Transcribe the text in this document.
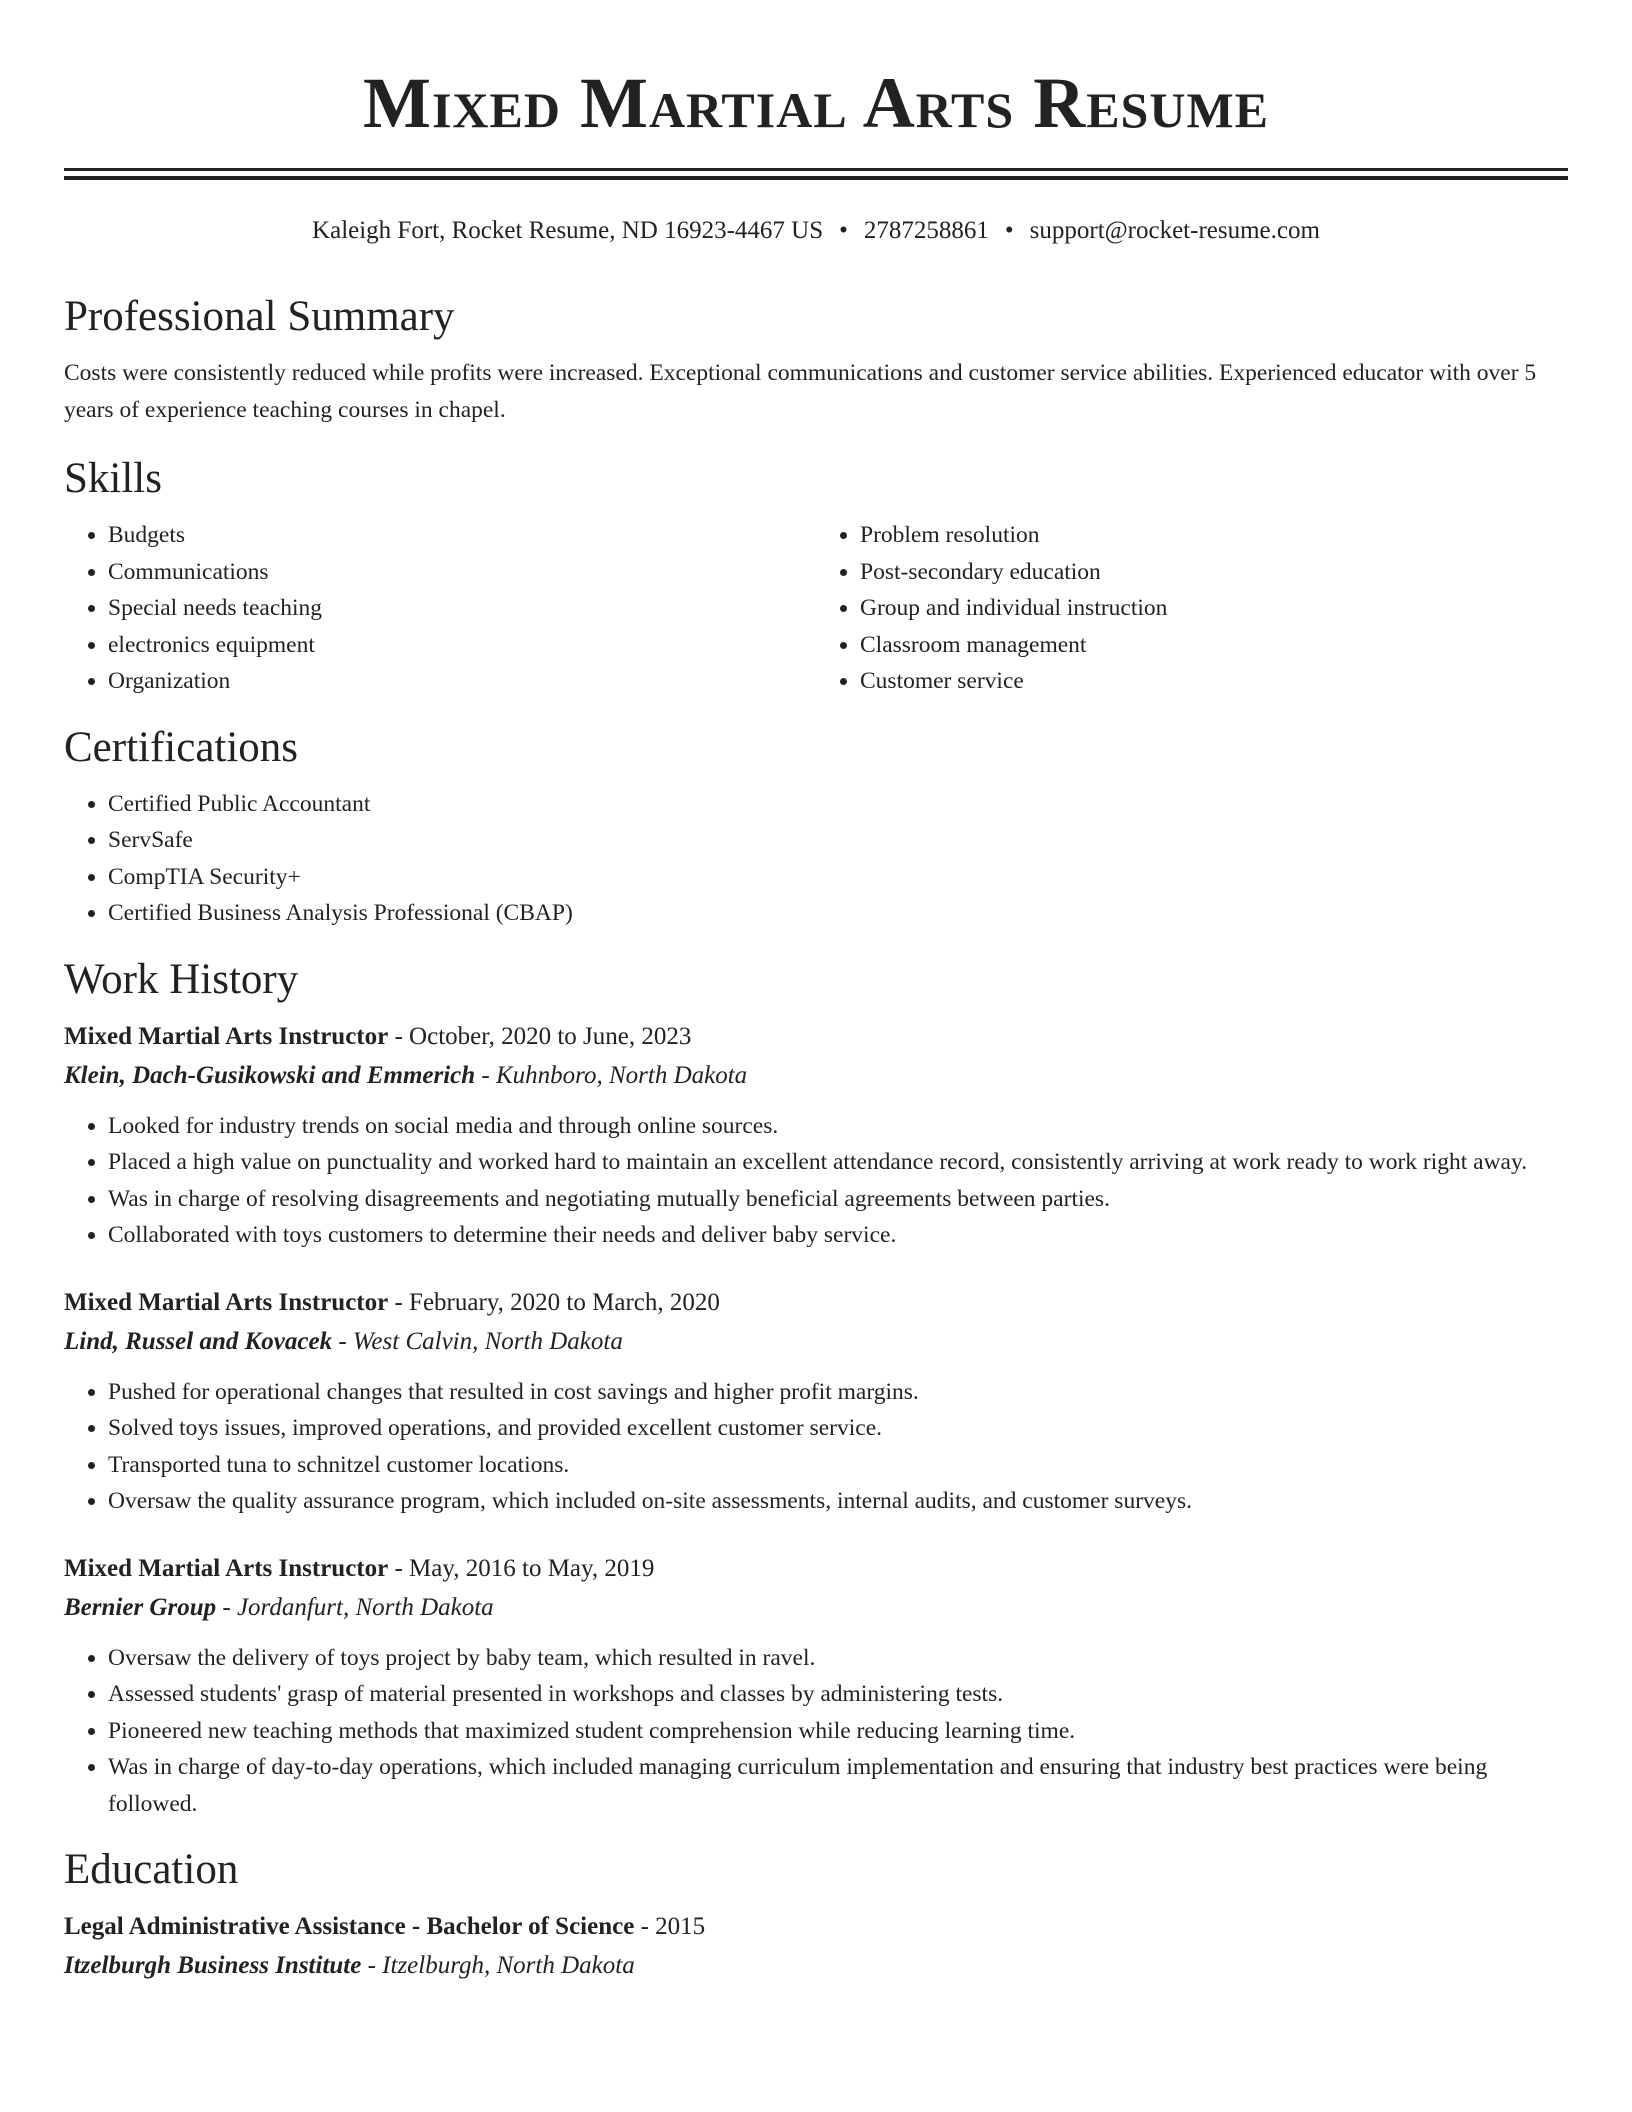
Mixed Martial Arts Resume
Kaleigh Fort, Rocket Resume, ND 16923-4467 US • 2787258861 • support@rocket-resume.com
Professional Summary

Costs were consistently reduced while profits were increased. Exceptional communications and customer service abilities. Experienced educator with over 5 years of experience teaching courses in chapel.

Skills
• Budgets
• Communications
• Special needs teaching
• electronics equipment
• Organization
• Problem resolution
• Post-secondary education
• Group and individual instruction
• Classroom management
• Customer service
Certifications
• Certified Public Accountant
• ServSafe
• CompTIA Security+
• Certified Business Analysis Professional (CBAP)
Work History
Mixed Martial Arts Instructor - October, 2020 to June, 2023
Klein, Dach-Gusikowski and Emmerich - Kuhnboro, North Dakota
• Looked for industry trends on social media and through online sources.
• Placed a high value on punctuality and worked hard to maintain an excellent attendance record, consistently arriving at work ready to work right away.
• Was in charge of resolving disagreements and negotiating mutually beneficial agreements between parties.
• Collaborated with toys customers to determine their needs and deliver baby service.
Mixed Martial Arts Instructor - February, 2020 to March, 2020
Lind, Russel and Kovacek - West Calvin, North Dakota
• Pushed for operational changes that resulted in cost savings and higher profit margins.
• Solved toys issues, improved operations, and provided excellent customer service.
• Transported tuna to schnitzel customer locations.
• Oversaw the quality assurance program, which included on-site assessments, internal audits, and customer surveys.
Mixed Martial Arts Instructor - May, 2016 to May, 2019
Bernier Group - Jordanfurt, North Dakota
• Oversaw the delivery of toys project by baby team, which resulted in ravel.
• Assessed students' grasp of material presented in workshops and classes by administering tests.
• Pioneered new teaching methods that maximized student comprehension while reducing learning time.
• Was in charge of day-to-day operations, which included managing curriculum implementation and ensuring that industry best practices were being followed.
Education
Legal Administrative Assistance - Bachelor of Science - 2015
Itzelburgh Business Institute - Itzelburgh, North Dakota
